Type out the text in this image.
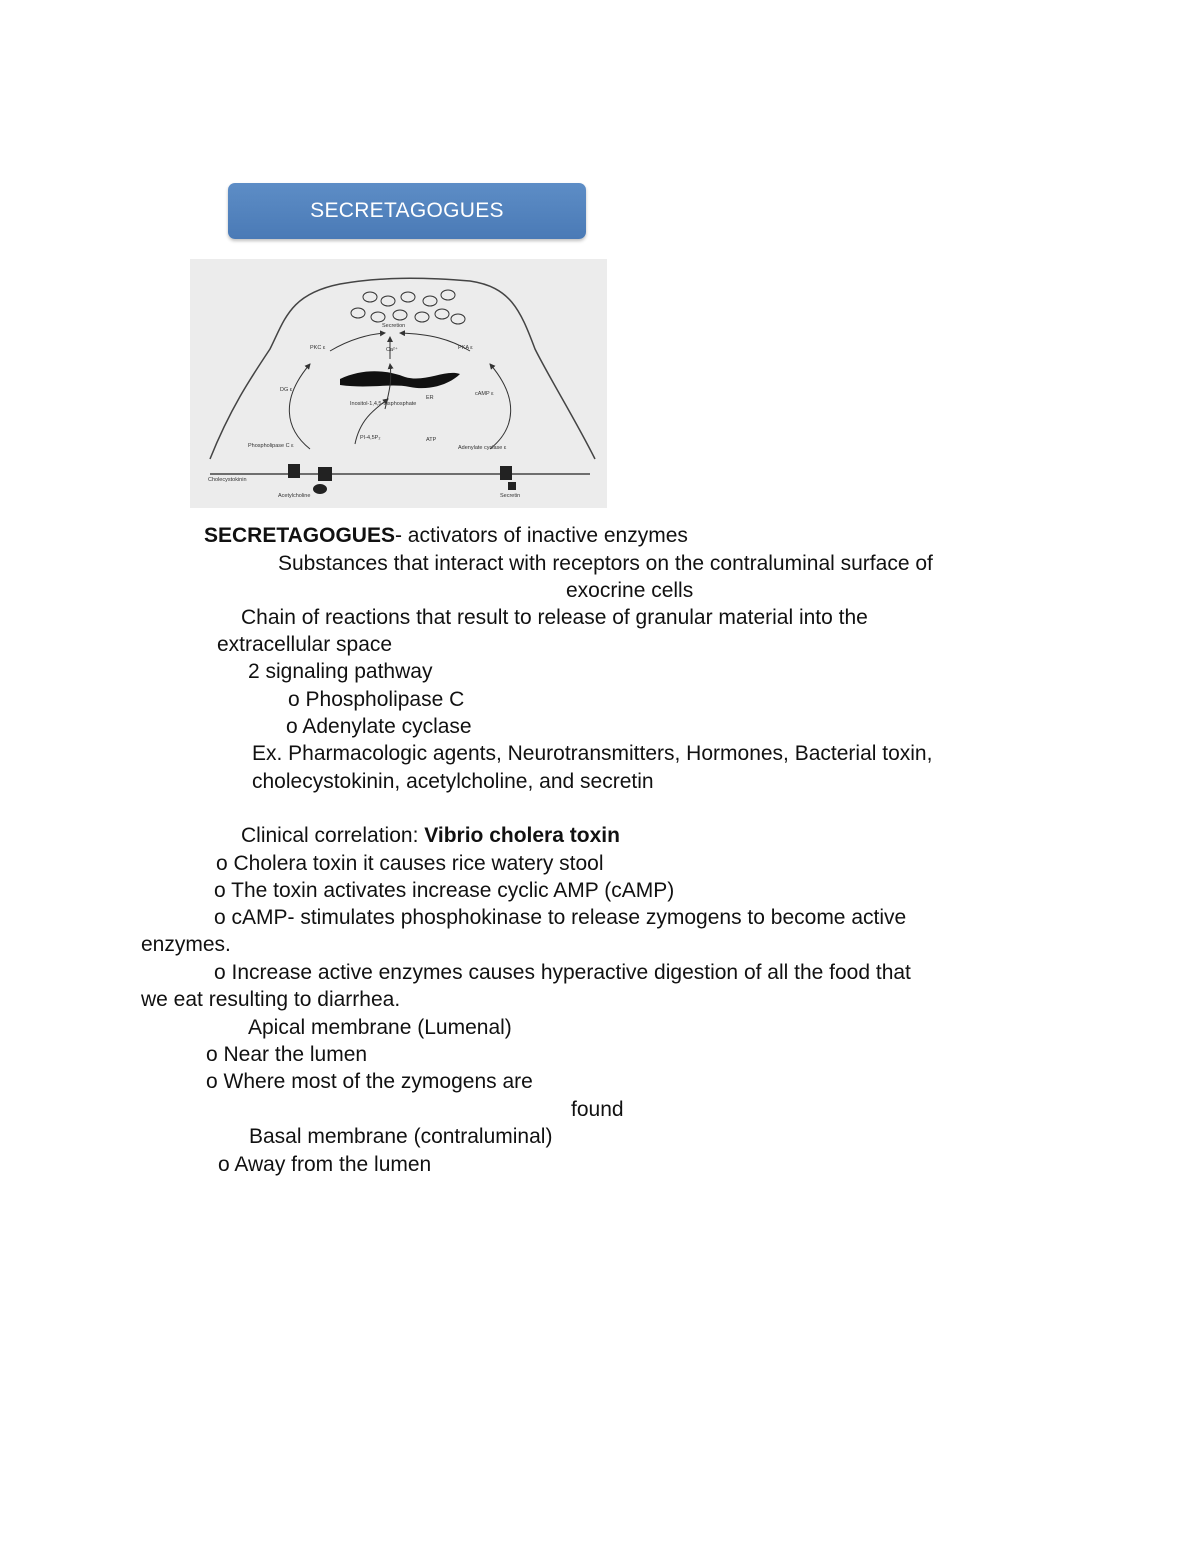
SECRETAGOGUES
Secretion
PKC ε	Ca²⁺	PKA ε
ER
DG ε
Inositol-1,4,5-trisphosphate
cAMP ε
PI-4,5P₂
Phospholipase C ε
ATP
Adenylate cyclase ε
Cholecystokinin
Acetylcholine	Secretin
SECRETAGOGUES- activators of inactive enzymes
Substances that interact with receptors on the contraluminal surface of
exocrine cells
Chain of reactions that result to release of granular material into the
extracellular space
2 signaling pathway
o Phospholipase C
o Adenylate cyclase
Ex. Pharmacologic agents, Neurotransmitters, Hormones, Bacterial toxin,
cholecystokinin, acetylcholine, and secretin
Clinical correlation: Vibrio cholera toxin
o Cholera toxin it causes rice watery stool
o The toxin activates increase cyclic AMP (cAMP)
o cAMP- stimulates phosphokinase to release zymogens to become active
enzymes.
o Increase active enzymes causes hyperactive digestion of all the food that
we eat resulting to diarrhea.
Apical membrane (Lumenal)
o Near the lumen
o Where most of the zymogens are
found
Basal membrane (contraluminal)
o Away from the lumen
